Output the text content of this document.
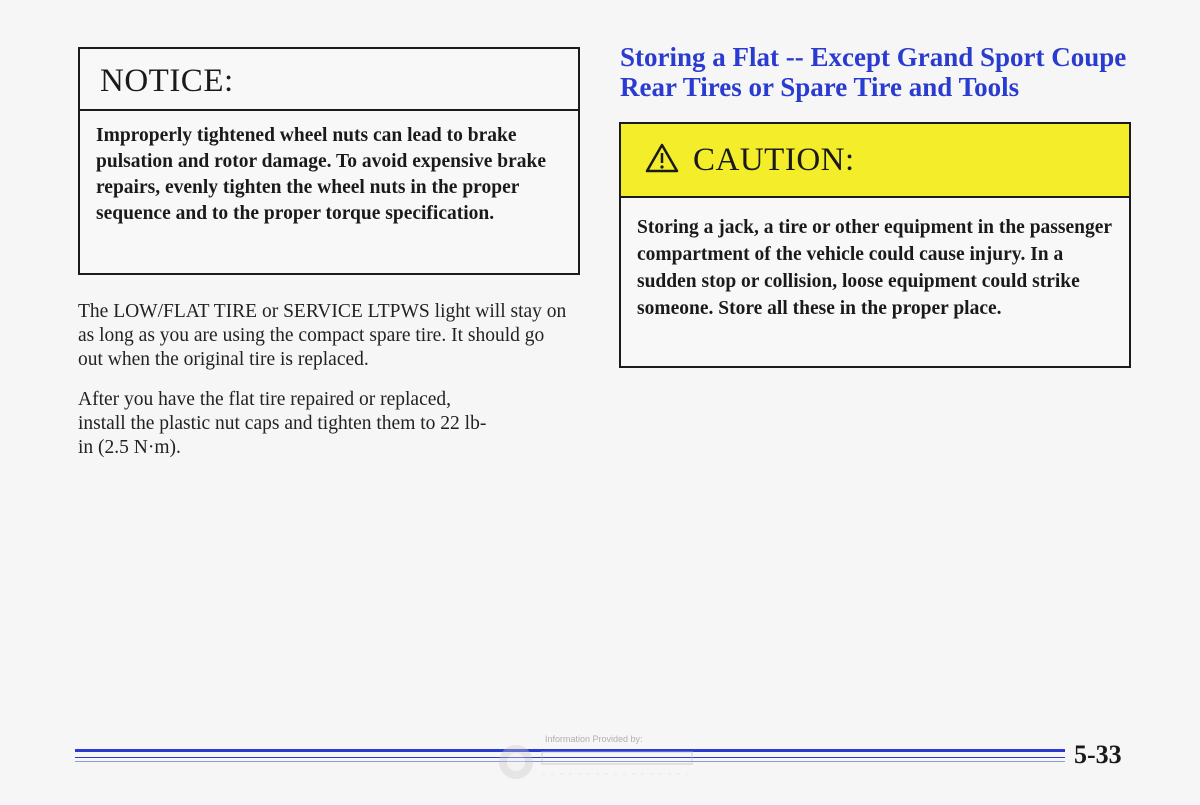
NOTICE:
Improperly tightened wheel nuts can lead to brake pulsation and rotor damage. To avoid expensive brake repairs, evenly tighten the wheel nuts in the proper sequence and to the proper torque specification.
The LOW/FLAT TIRE or SERVICE LTPWS light will stay on as long as you are using the compact spare tire. It should go out when the original tire is replaced.
After you have the flat tire repaired or replaced, install the plastic nut caps and tighten them to 22 lb-in (2.5 N·m).
Storing a Flat -- Except Grand Sport Coupe Rear Tires or Spare Tire and Tools
CAUTION:
Storing a jack, a tire or other equipment in the passenger compartment of the vehicle could cause injury. In a sudden stop or collision, loose equipment could strike someone. Store all these in the proper place.
Information Provided by:
5-33
